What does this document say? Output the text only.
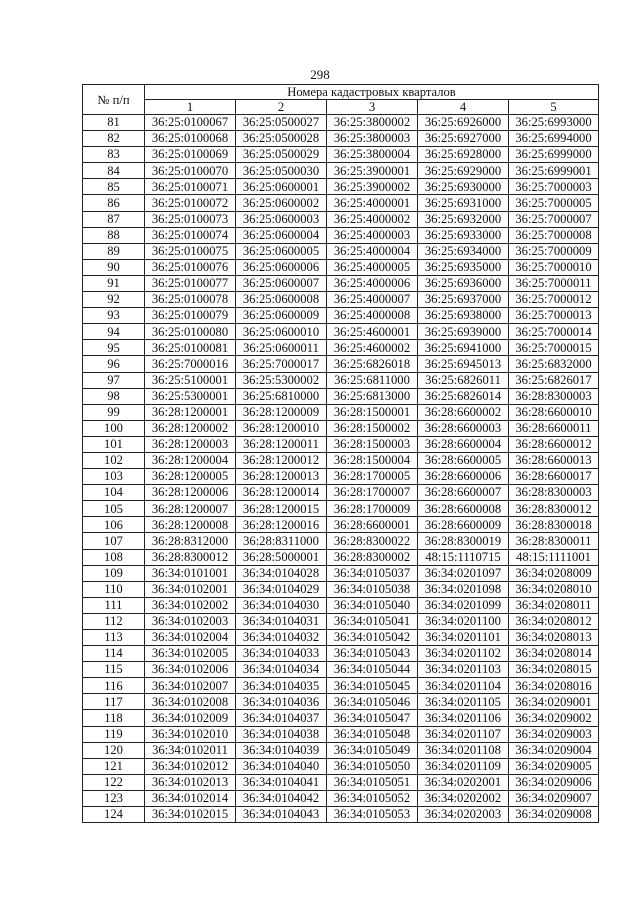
298
№ п/п	Номера кадастровых кварталов				
	1	2	3	4	5
81	36:25:0100067	36:25:0500027	36:25:3800002	36:25:6926000	36:25:6993000
82	36:25:0100068	36:25:0500028	36:25:3800003	36:25:6927000	36:25:6994000
83	36:25:0100069	36:25:0500029	36:25:3800004	36:25:6928000	36:25:6999000
84	36:25:0100070	36:25:0500030	36:25:3900001	36:25:6929000	36:25:6999001
85	36:25:0100071	36:25:0600001	36:25:3900002	36:25:6930000	36:25:7000003
86	36:25:0100072	36:25:0600002	36:25:4000001	36:25:6931000	36:25:7000005
87	36:25:0100073	36:25:0600003	36:25:4000002	36:25:6932000	36:25:7000007
88	36:25:0100074	36:25:0600004	36:25:4000003	36:25:6933000	36:25:7000008
89	36:25:0100075	36:25:0600005	36:25:4000004	36:25:6934000	36:25:7000009
90	36:25:0100076	36:25:0600006	36:25:4000005	36:25:6935000	36:25:7000010
91	36:25:0100077	36:25:0600007	36:25:4000006	36:25:6936000	36:25:7000011
92	36:25:0100078	36:25:0600008	36:25:4000007	36:25:6937000	36:25:7000012
93	36:25:0100079	36:25:0600009	36:25:4000008	36:25:6938000	36:25:7000013
94	36:25:0100080	36:25:0600010	36:25:4600001	36:25:6939000	36:25:7000014
95	36:25:0100081	36:25:0600011	36:25:4600002	36:25:6941000	36:25:7000015
96	36:25:7000016	36:25:7000017	36:25:6826018	36:25:6945013	36:25:6832000
97	36:25:5100001	36:25:5300002	36:25:6811000	36:25:6826011	36:25:6826017
98	36:25:5300001	36:25:6810000	36:25:6813000	36:25:6826014	36:28:8300003
99	36:28:1200001	36:28:1200009	36:28:1500001	36:28:6600002	36:28:6600010
100	36:28:1200002	36:28:1200010	36:28:1500002	36:28:6600003	36:28:6600011
101	36:28:1200003	36:28:1200011	36:28:1500003	36:28:6600004	36:28:6600012
102	36:28:1200004	36:28:1200012	36:28:1500004	36:28:6600005	36:28:6600013
103	36:28:1200005	36:28:1200013	36:28:1700005	36:28:6600006	36:28:6600017
104	36:28:1200006	36:28:1200014	36:28:1700007	36:28:6600007	36:28:8300003
105	36:28:1200007	36:28:1200015	36:28:1700009	36:28:6600008	36:28:8300012
106	36:28:1200008	36:28:1200016	36:28:6600001	36:28:6600009	36:28:8300018
107	36:28:8312000	36:28:8311000	36:28:8300022	36:28:8300019	36:28:8300011
108	36:28:8300012	36:28:5000001	36:28:8300002	48:15:1110715	48:15:1111001
109	36:34:0101001	36:34:0104028	36:34:0105037	36:34:0201097	36:34:0208009
110	36:34:0102001	36:34:0104029	36:34:0105038	36:34:0201098	36:34:0208010
111	36:34:0102002	36:34:0104030	36:34:0105040	36:34:0201099	36:34:0208011
112	36:34:0102003	36:34:0104031	36:34:0105041	36:34:0201100	36:34:0208012
113	36:34:0102004	36:34:0104032	36:34:0105042	36:34:0201101	36:34:0208013
114	36:34:0102005	36:34:0104033	36:34:0105043	36:34:0201102	36:34:0208014
115	36:34:0102006	36:34:0104034	36:34:0105044	36:34:0201103	36:34:0208015
116	36:34:0102007	36:34:0104035	36:34:0105045	36:34:0201104	36:34:0208016
117	36:34:0102008	36:34:0104036	36:34:0105046	36:34:0201105	36:34:0209001
118	36:34:0102009	36:34:0104037	36:34:0105047	36:34:0201106	36:34:0209002
119	36:34:0102010	36:34:0104038	36:34:0105048	36:34:0201107	36:34:0209003
120	36:34:0102011	36:34:0104039	36:34:0105049	36:34:0201108	36:34:0209004
121	36:34:0102012	36:34:0104040	36:34:0105050	36:34:0201109	36:34:0209005
122	36:34:0102013	36:34:0104041	36:34:0105051	36:34:0202001	36:34:0209006
123	36:34:0102014	36:34:0104042	36:34:0105052	36:34:0202002	36:34:0209007
124	36:34:0102015	36:34:0104043	36:34:0105053	36:34:0202003	36:34:0209008
